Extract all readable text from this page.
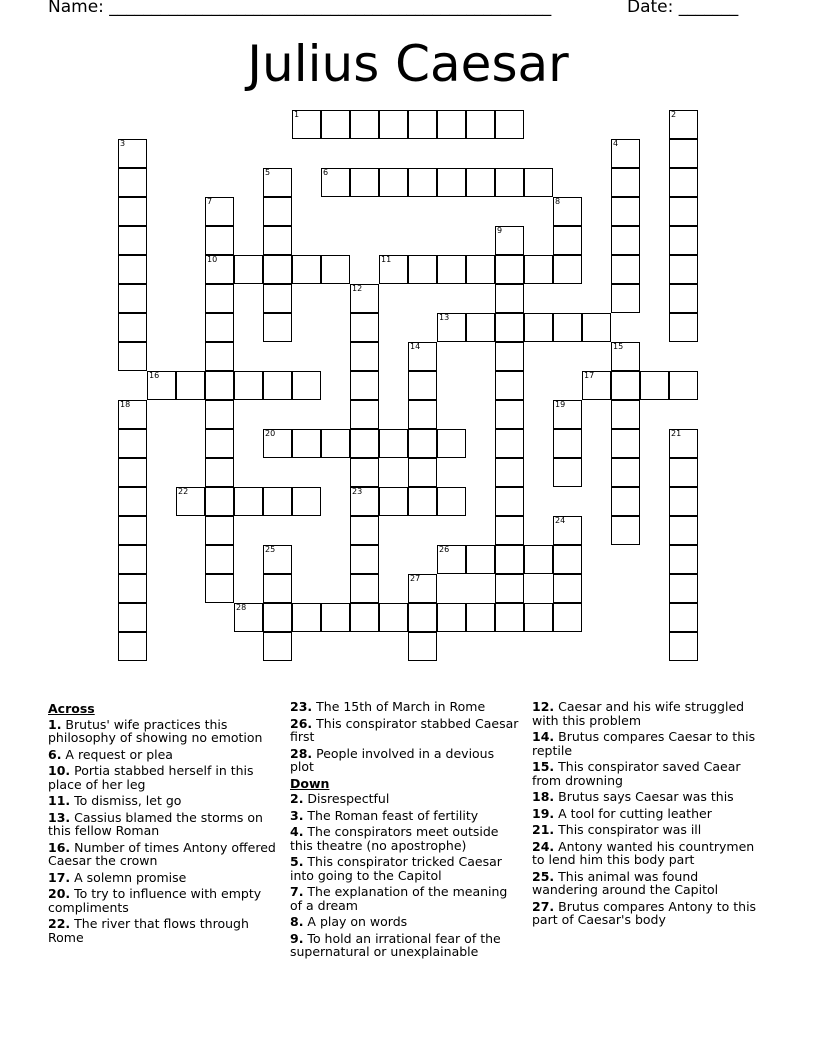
Name: ____________________________________________________	Date: _______
Julius Caesar
1	2
3	4
5	6
7
10
8
9
11
12
23
13
14	15
16	17
18	19
20	21
22
24
25	26
27
28
Across
1. Brutus' wife practices this philosophy of showing no emotion
6. A request or plea
10. Portia stabbed herself in this place of her leg
11. To dismiss, let go
13. Cassius blamed the storms on this fellow Roman
16. Number of times Antony offered Caesar the crown
17. A solemn promise
20. To try to influence with empty compliments
22. The river that flows through Rome
23. The 15th of March in Rome
26. This conspirator stabbed Caesar first
28. People involved in a devious plot
Down
2. Disrespectful
3. The Roman feast of fertility
4. The conspirators meet outside this theatre (no apostrophe)
5. This conspirator tricked Caesar into going to the Capitol
7. The explanation of the meaning of a dream
8. A play on words
9. To hold an irrational fear of the supernatural or unexplainable
12. Caesar and his wife struggled with this problem
14. Brutus compares Caesar to this reptile
15. This conspirator saved Caear from drowning
18. Brutus says Caesar was this
19. A tool for cutting leather
21. This conspirator was ill
24. Antony wanted his countrymen to lend him this body part
25. This animal was found wandering around the Capitol
27. Brutus compares Antony to this part of Caesar's body
